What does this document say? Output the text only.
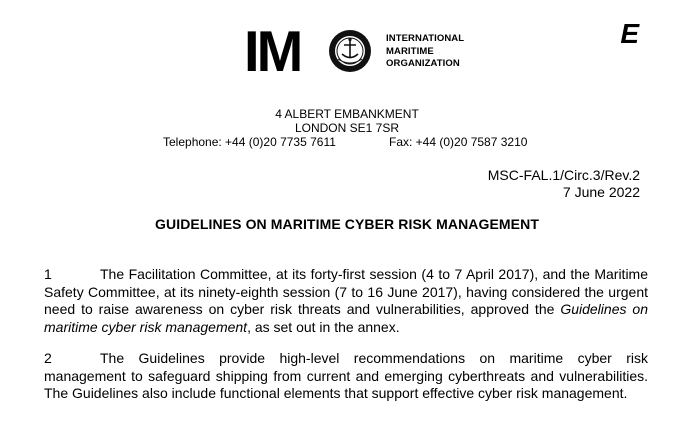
IM	INTERNATIONAL
MARITIME
ORGANIZATION
E
4 ALBERT EMBANKMENT
LONDON SE1 7SR
Telephone: +44 (0)20 7735 7611	Fax: +44 (0)20 7587 3210
MSC-FAL.1/Circ.3/Rev.2
7 June 2022
GUIDELINES ON MARITIME CYBER RISK MANAGEMENT
1	The Facilitation Committee, at its forty-first session (4 to 7 April 2017), and the Maritime Safety Committee, at its ninety-eighth session (7 to 16 June 2017), having considered the urgent need to raise awareness on cyber risk threats and vulnerabilities, approved the Guidelines on maritime cyber risk management, as set out in the annex.
2	The Guidelines provide high-level recommendations on maritime cyber risk management to safeguard shipping from current and emerging cyberthreats and vulnerabilities. The Guidelines also include functional elements that support effective cyber risk management.
